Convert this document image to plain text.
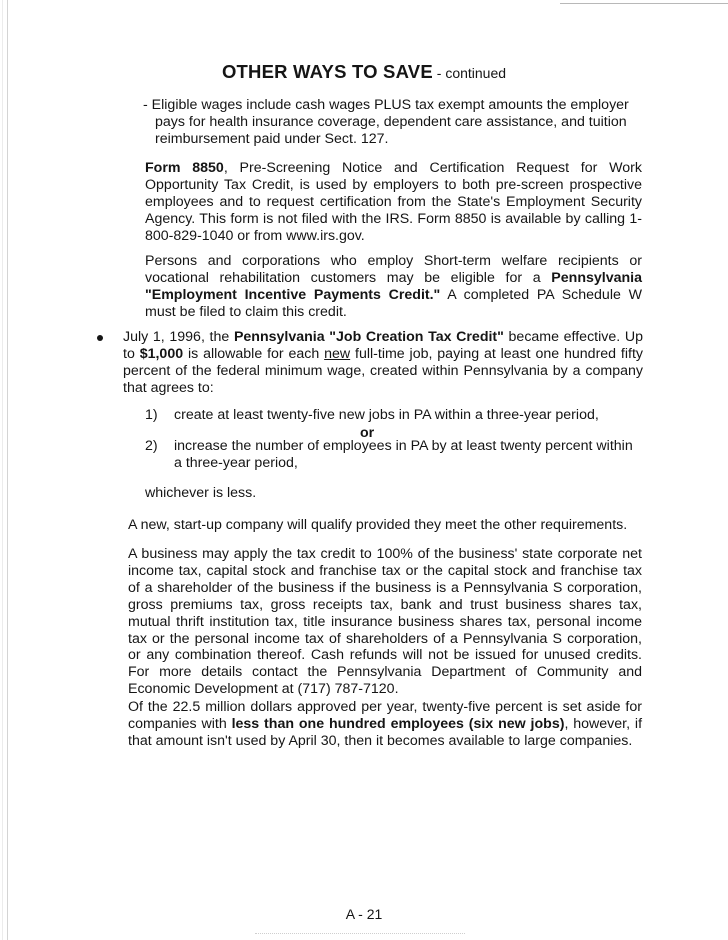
OTHER WAYS TO SAVE - continued
- Eligible wages include cash wages PLUS tax exempt amounts the employer
pays for health insurance coverage, dependent care assistance, and tuition
reimbursement paid under Sect. 127.
Form 8850, Pre-Screening Notice and Certification Request for Work Opportunity Tax Credit, is used by employers to both pre-screen prospective employees and to request certification from the State's Employment Security Agency. This form is not filed with the IRS. Form 8850 is available by calling 1-800-829-1040 or from www.irs.gov.
Persons and corporations who employ Short-term welfare recipients or vocational rehabilitation customers may be eligible for a Pennsylvania "Employment Incentive Payments Credit." A completed PA Schedule W must be filed to claim this credit.
July 1, 1996, the Pennsylvania "Job Creation Tax Credit" became effective. Up to $1,000 is allowable for each new full-time job, paying at least one hundred fifty percent of the federal minimum wage, created within Pennsylvania by a company that agrees to:
1) create at least twenty-five new jobs in PA within a three-year period,
or
2) increase the number of employees in PA by at least twenty percent within a three-year period,
whichever is less.
A new, start-up company will qualify provided they meet the other requirements.
A business may apply the tax credit to 100% of the business' state corporate net income tax, capital stock and franchise tax or the capital stock and franchise tax of a shareholder of the business if the business is a Pennsylvania S corporation, gross premiums tax, gross receipts tax, bank and trust business shares tax, mutual thrift institution tax, title insurance business shares tax, personal income tax or the personal income tax of shareholders of a Pennsylvania S corporation, or any combination thereof. Cash refunds will not be issued for unused credits. For more details contact the Pennsylvania Department of Community and Economic Development at (717) 787-7120.
Of the 22.5 million dollars approved per year, twenty-five percent is set aside for companies with less than one hundred employees (six new jobs), however, if that amount isn't used by April 30, then it becomes available to large companies.
A - 21
